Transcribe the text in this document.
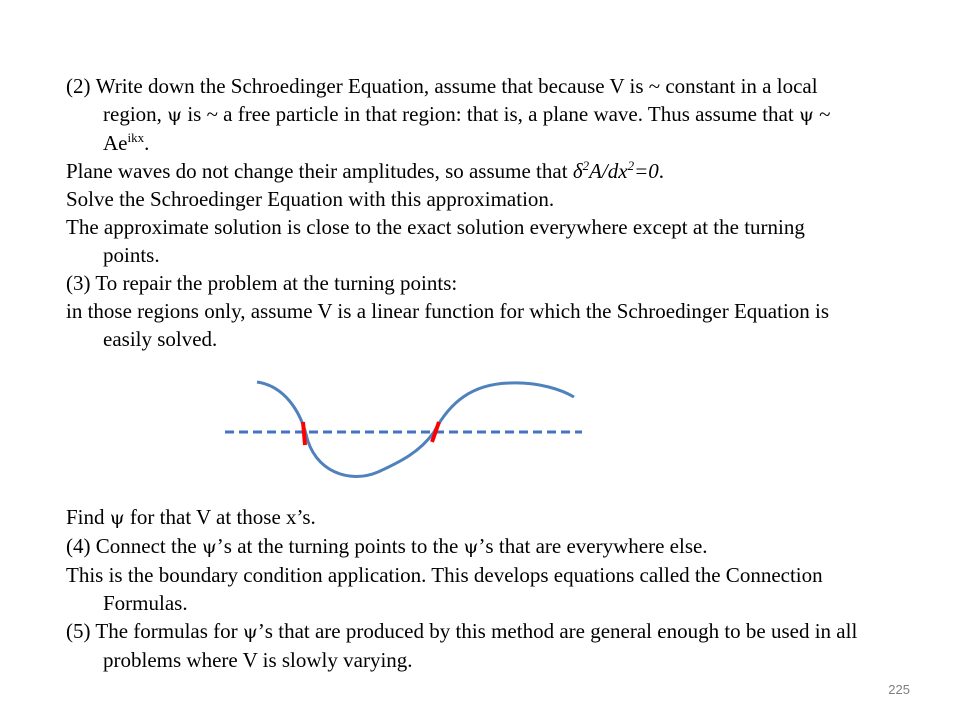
(2) Write down the Schroedinger Equation, assume that because V is ~ constant in a local region, ψ is ~ a free particle in that region: that is, a plane wave. Thus assume that ψ ~ $Ae^{ikx}$.

Plane waves do not change their amplitudes, so assume that $\delta^2A/dx^2=0$.

Solve the Schroedinger Equation with this approximation.

The approximate solution is close to the exact solution everywhere except at the turning points.

(3) To repair the problem at the turning points:

in those regions only, assume V is a linear function for which the Schroedinger Equation is easily solved.

Find ψ for that V at those x’s.

(4) Connect the ψ’s at the turning points to the ψ’s that are everywhere else.

This is the boundary condition application. This develops equations called the Connection Formulas.

(5) The formulas for ψ’s that are produced by this method are general enough to be used in all problems where V is slowly varying.

225
